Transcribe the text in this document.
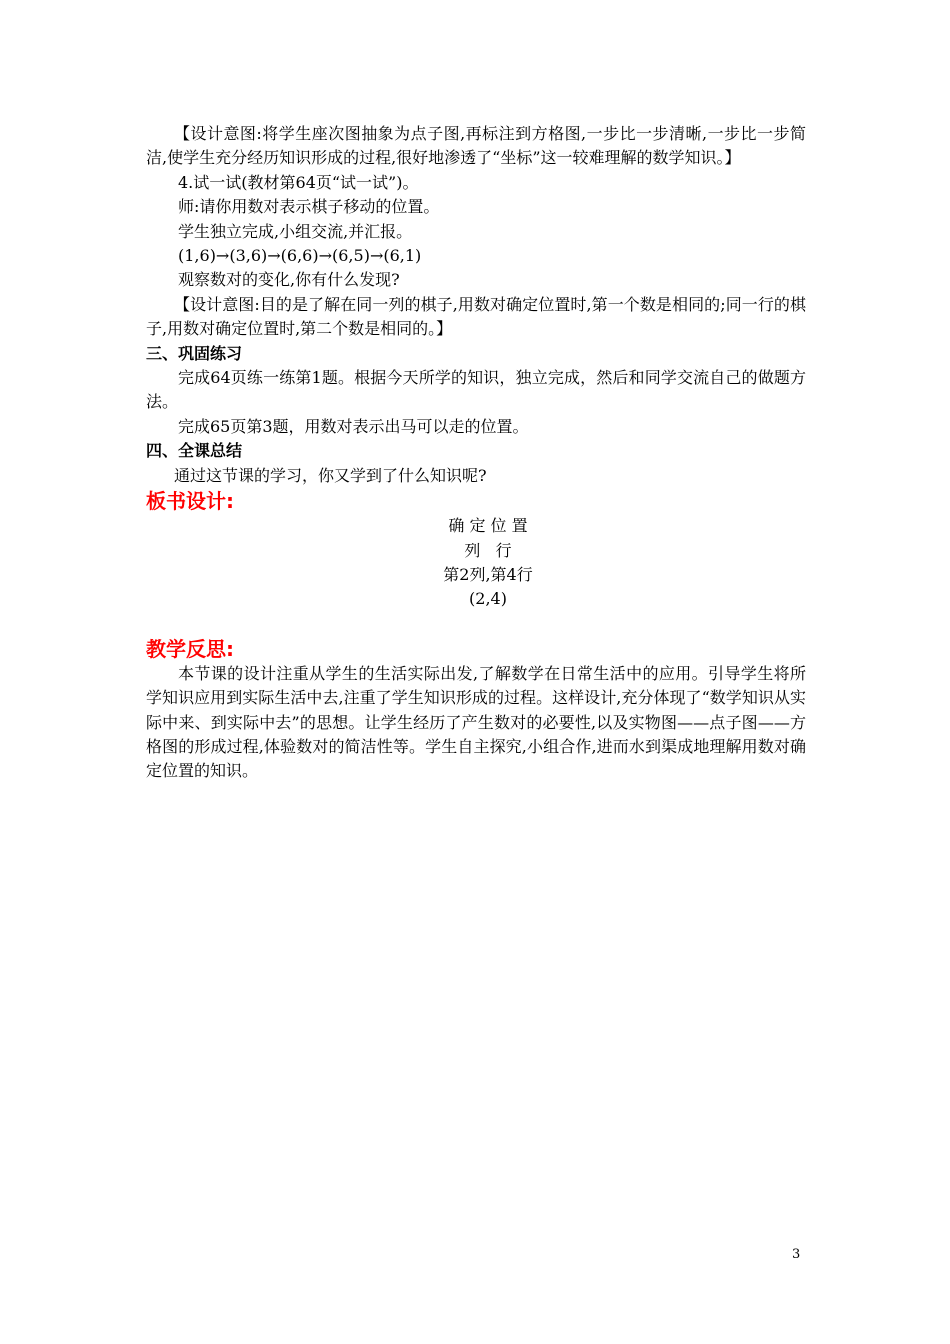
【设计意图:将学生座次图抽象为点子图,再标注到方格图,一步比一步清晰,一步比一步简洁,使学生充分经历知识形成的过程,很好地渗透了“坐标”这一较难理解的数学知识。】

4.试一试(教材第64页“试一试”)。

师:请你用数对表示棋子移动的位置。

学生独立完成,小组交流,并汇报。

(1,6)→(3,6)→(6,6)→(6,5)→(6,1)

观察数对的变化,你有什么发现?

【设计意图:目的是了解在同一列的棋子,用数对确定位置时,第一个数是相同的;同一行的棋子,用数对确定位置时,第二个数是相同的。】

三、巩固练习

完成64页练一练第1题。根据今天所学的知识，独立完成，然后和同学交流自己的做题方法。

完成65页第3题，用数对表示出马可以走的位置。

四、全课总结

通过这节课的学习，你又学到了什么知识呢?

板书设计:

确 定 位 置
列   行
第2列,第4行
(2,4)

教学反思:

本节课的设计注重从学生的生活实际出发,了解数学在日常生活中的应用。引导学生将所学知识应用到实际生活中去,注重了学生知识形成的过程。这样设计,充分体现了“数学知识从实际中来、到实际中去”的思想。让学生经历了产生数对的必要性,以及实物图——点子图——方格图的形成过程,体验数对的简洁性等。学生自主探究,小组合作,进而水到渠成地理解用数对确定位置的知识。

3
